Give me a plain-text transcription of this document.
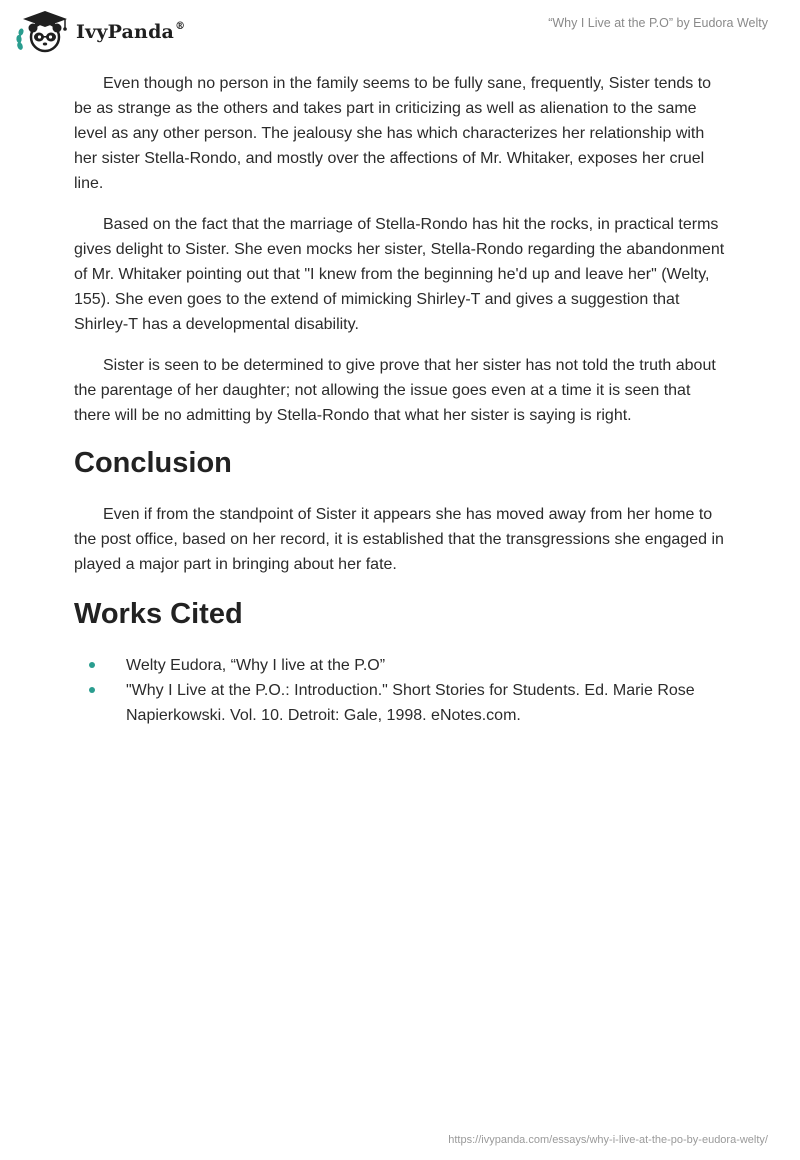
IvyPanda®	“Why I Live at the P.O” by Eudora Welty

Even though no person in the family seems to be fully sane, frequently, Sister tends to be as strange as the others and takes part in criticizing as well as alienation to the same level as any other person. The jealousy she has which characterizes her relationship with her sister Stella-Rondo, and mostly over the affections of Mr. Whitaker, exposes her cruel line.

Based on the fact that the marriage of Stella-Rondo has hit the rocks, in practical terms gives delight to Sister. She even mocks her sister, Stella-Rondo regarding the abandonment of Mr. Whitaker pointing out that "I knew from the beginning he'd up and leave her" (Welty, 155). She even goes to the extend of mimicking Shirley-T and gives a suggestion that Shirley-T has a developmental disability.

Sister is seen to be determined to give prove that her sister has not told the truth about the parentage of her daughter; not allowing the issue goes even at a time it is seen that there will be no admitting by Stella-Rondo that what her sister is saying is right.

Conclusion

Even if from the standpoint of Sister it appears she has moved away from her home to the post office, based on her record, it is established that the transgressions she engaged in played a major part in bringing about her fate.

Works Cited
Welty Eudora, “Why I live at the P.O”
"Why I Live at the P.O.: Introduction." Short Stories for Students. Ed. Marie Rose Napierkowski. Vol. 10. Detroit: Gale, 1998. eNotes.com.
https://ivypanda.com/essays/why-i-live-at-the-po-by-eudora-welty/
